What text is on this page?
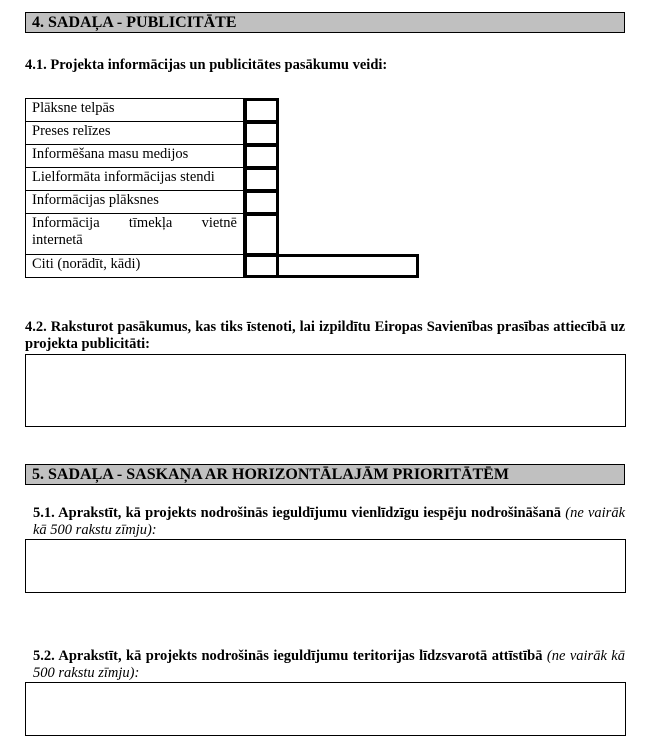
4. SADAĻA - PUBLICITĀTE
4.1. Projekta informācijas un publicitātes pasākumu veidi:
Plāksne telpās
Preses relīzes
Informēšana masu medijos
Lielformāta informācijas stendi
Informācijas plāksnes
Informācija tīmekļa vietnē internetā
Citi (norādīt, kādi)
4.2. Raksturot pasākumus, kas tiks īstenoti, lai izpildītu Eiropas Savienības prasības attiecībā uz projekta publicitāti:
5. SADAĻA - SASKAŅA AR HORIZONTĀLAJĀM PRIORITĀTĒM
5.1. Aprakstīt, kā projekts nodrošinās ieguldījumu vienlīdzīgu iespēju nodrošināšanā (ne vairāk kā 500 rakstu zīmju):
5.2. Aprakstīt, kā projekts nodrošinās ieguldījumu teritorijas līdzsvarotā attīstībā (ne vairāk kā 500 rakstu zīmju):
